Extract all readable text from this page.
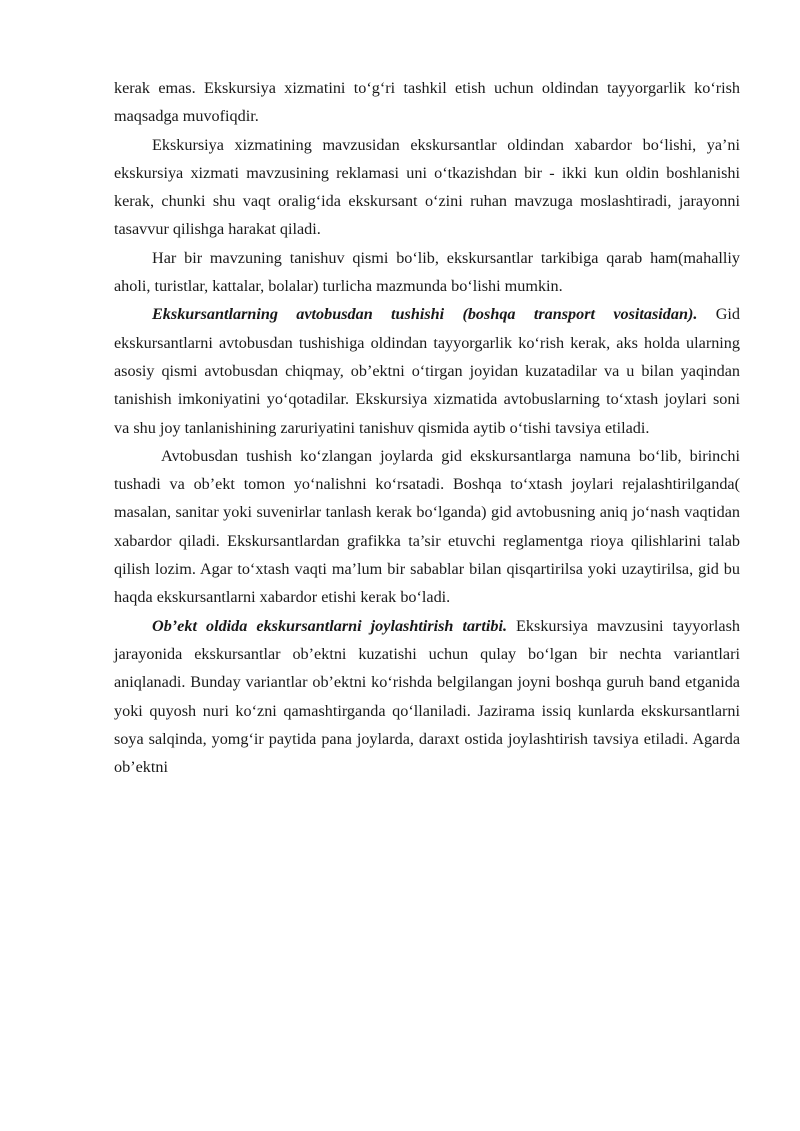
kerak emas. Ekskursiya xizmatini to‘g‘ri tashkil etish uchun oldindan tayyorgarlik ko‘rish maqsadga muvofiqdir.

Ekskursiya xizmatining mavzusidan ekskursantlar oldindan xabardor bo‘lishi, ya’ni ekskursiya xizmati mavzusining reklamasi uni o‘tkazishdan bir - ikki kun oldin boshlanishi kerak, chunki shu vaqt oralig‘ida ekskursant o‘zini ruhan mavzuga moslashtiradi, jarayonni tasavvur qilishga harakat qiladi.

Har bir mavzuning tanishuv qismi bo‘lib, ekskursantlar tarkibiga qarab ham(mahalliy aholi, turistlar, kattalar, bolalar) turlicha mazmunda bo‘lishi mumkin.

Ekskursantlarning avtobusdan tushishi (boshqa transport vositasidan). Gid ekskursantlarni avtobusdan tushishiga oldindan tayyorgarlik ko‘rish kerak, aks holda ularning asosiy qismi avtobusdan chiqmay, ob’ektni o‘tirgan joyidan kuzatadilar va u bilan yaqindan tanishish imkoniyatini yo‘qotadilar. Ekskursiya xizmatida avtobuslarning to‘xtash joylari soni va shu joy tanlanishining zaruriyatini tanishuv qismida aytib o‘tishi tavsiya etiladi.

Avtobusdan tushish ko‘zlangan joylarda gid ekskursantlarga namuna bo‘lib, birinchi tushadi va ob’ekt tomon yo‘nalishni ko‘rsatadi. Boshqa to‘xtash joylari rejalashtirilganda( masalan, sanitar yoki suvenirlar tanlash kerak bo‘lganda) gid avtobusning aniq jo‘nash vaqtidan xabardor qiladi. Ekskursantlardan grafikka ta’sir etuvchi reglamentga rioya qilishlarini talab qilish lozim. Agar to‘xtash vaqti ma’lum bir sabablar bilan qisqartirilsa yoki uzaytirilsa, gid bu haqda ekskursantlarni xabardor etishi kerak bo‘ladi.

Ob’ekt oldida ekskursantlarni joylashtirish tartibi. Ekskursiya mavzusini tayyorlash jarayonida ekskursantlar ob’ektni kuzatishi uchun qulay bo‘lgan bir nechta variantlari aniqlanadi. Bunday variantlar ob’ektni ko‘rishda belgilangan joyni boshqa guruh band etganida yoki quyosh nuri ko‘zni qamashtirganda qo‘llaniladi. Jazirama issiq kunlarda ekskursantlarni soya salqinda, yomg‘ir paytida pana joylarda, daraxt ostida joylashtirish tavsiya etiladi. Agarda ob’ektni
